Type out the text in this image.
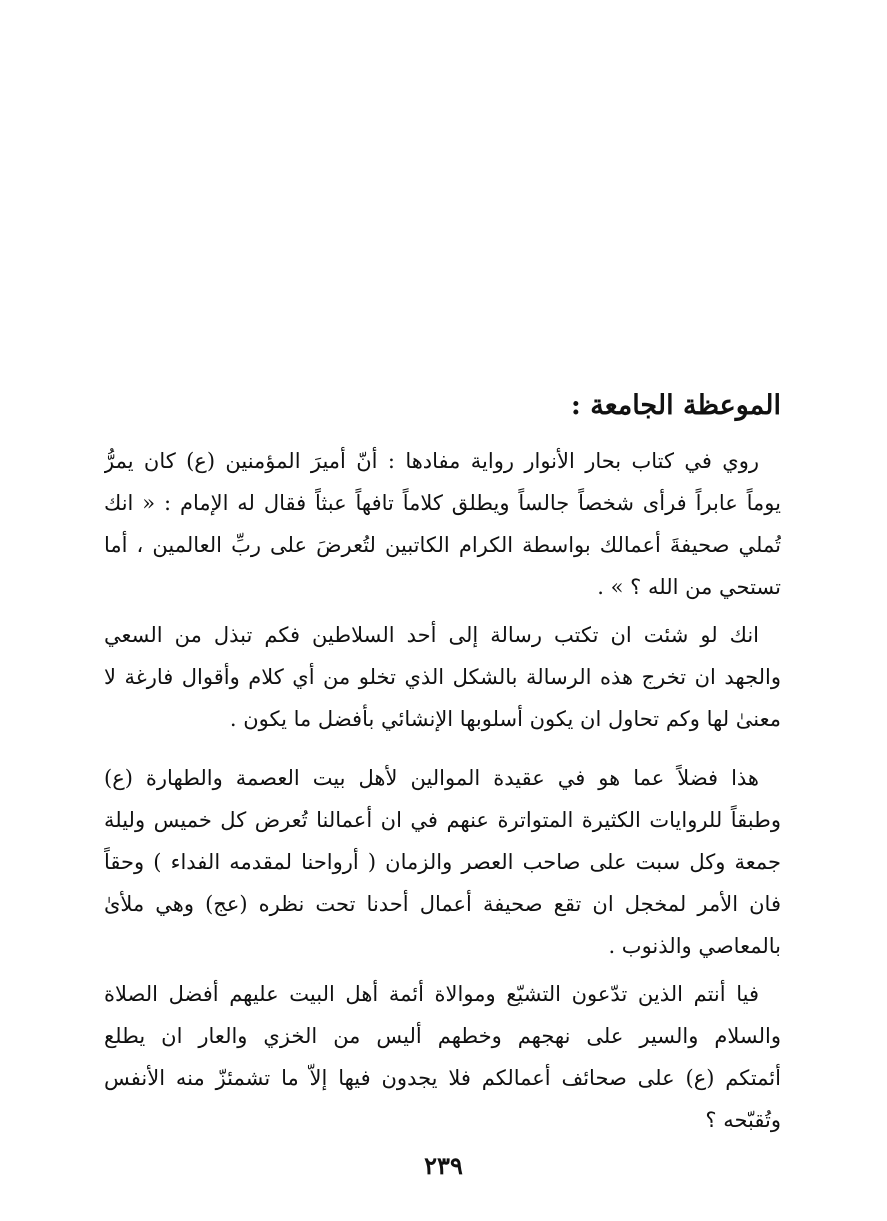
الموعظة الجامعة :
روي في كتاب بحار الأنوار رواية مفادها : أنّ أميرَ المؤمنين (ع) كان يمرُّ
يوماً عابراً فرأى شخصاً جالساً ويطلق كلاماً تافهاً عبثاً فقال له الإمام : « انك
تُملي صحيفةَ أعمالك بواسطة الكرام الكاتبين لتُعرضَ على ربِّ العالمين ، أما
تستحي من الله ؟ » .
انك لو شئت ان تكتب رسالة إلى أحد السلاطين فكم تبذل من السعي
والجهد ان تخرج هذه الرسالة بالشكل الذي تخلو من أي كلام وأقوال فارغة لا
معنىٰ لها وكم تحاول ان يكون أسلوبها الإنشائي بأفضل ما يكون .
هذا فضلاً عما هو في عقيدة الموالين لأهل بيت العصمة والطهارة (ع)
وطبقاً للروايات الكثيرة المتواترة عنهم في ان أعمالنا تُعرض كل خميس وليلة
جمعة وكل سبت على صاحب العصر والزمان ( أرواحنا لمقدمه الفداء ) وحقاً
فان الأمر لمخجل ان تقع صحيفة أعمال أحدنا تحت نظره (عج) وهي ملأىٰ
بالمعاصي والذنوب .
فيا أنتم الذين تدّعون التشيّع وموالاة أئمة أهل البيت عليهم أفضل الصلاة
والسلام والسير على نهجهم وخطهم أليس من الخزي والعار ان يطلع
أئمتكم (ع) على صحائف أعمالكم فلا يجدون فيها إلاّ ما تشمئزّ منه الأنفس
وتُقبّحه ؟
٢٣٩
